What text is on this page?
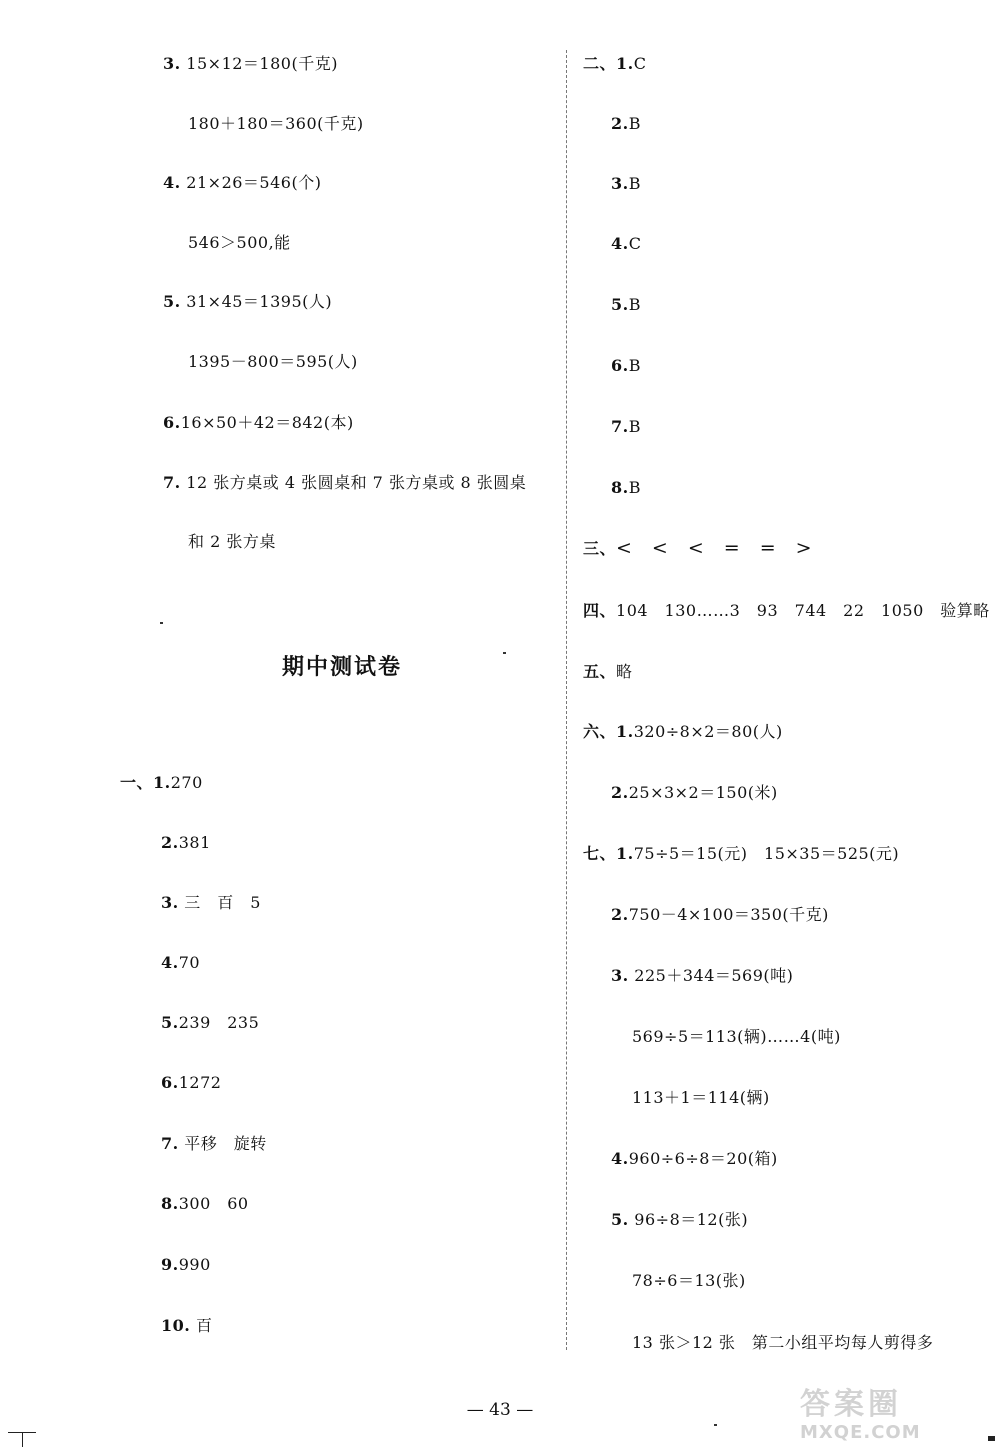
3. 15×12＝180(千克)
180＋180＝360(千克)
4. 21×26＝546(个)
546＞500,能
5. 31×45＝1395(人)
1395－800＝595(人)
6.16×50＋42＝842(本)
7. 12 张方桌或 4 张圆桌和 7 张方桌或 8 张圆桌
和 2 张方桌
期中测试卷
一、1.270
2.381
3. 三　百　5
4.70
5.239　235
6.1272
7. 平移　旋转
8.300　60
9.990
10. 百
二、1.C
2.B
3.B
4.C
5.B
6.B
7.B
8.B
三、<　<　<　=　=　>
四、104　130……3　93　744　22　1050　验算略
五、略
六、1.320÷8×2＝80(人)
2.25×3×2＝150(米)
七、1.75÷5＝15(元)　15×35＝525(元)
2.750－4×100＝350(千克)
3. 225＋344＝569(吨)
569÷5＝113(辆)……4(吨)
113＋1＝114(辆)
4.960÷6÷8＝20(箱)
5. 96÷8＝12(张)
78÷6＝13(张)
13 张＞12 张　第二小组平均每人剪得多
— 43 —	答案圈
MXQE.COM
